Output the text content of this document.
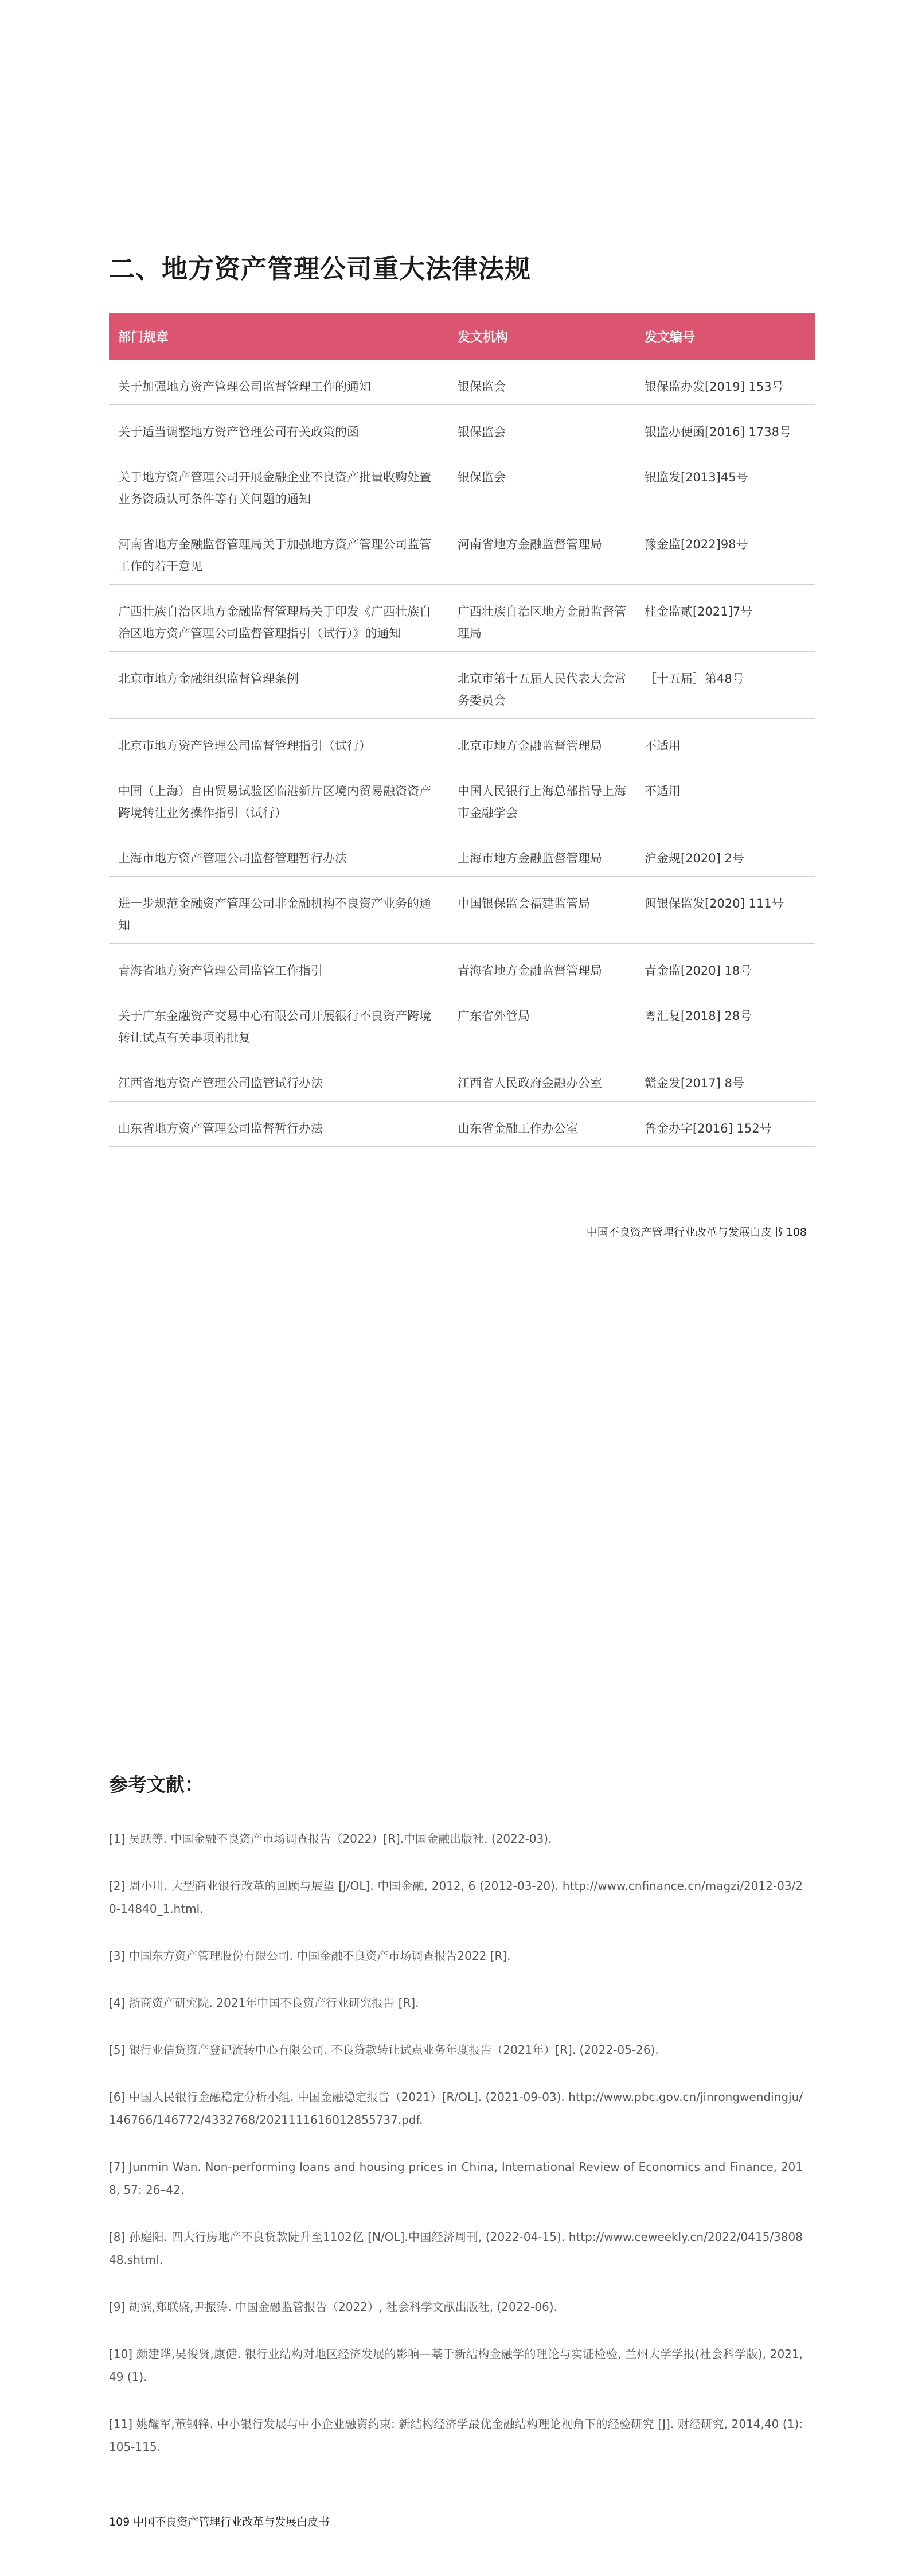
二、地方资产管理公司重大法律法规
部门规章	发文机构	发文编号
关于加强地方资产管理公司监督管理工作的通知	银保监会	银保监办发[2019] 153号
关于适当调整地方资产管理公司有关政策的函	银保监会	银监办便函[2016] 1738号
关于地方资产管理公司开展金融企业不良资产批量收购处置业务资质认可条件等有关问题的通知	银保监会	银监发[2013]45号
河南省地方金融监督管理局关于加强地方资产管理公司监管工作的若干意见	河南省地方金融监督管理局	豫金监[2022]98号
广西壮族自治区地方金融监督管理局关于印发《广西壮族自治区地方资产管理公司监督管理指引（试行）》的通知	广西壮族自治区地方金融监督管理局	桂金监贰[2021]7号
北京市地方金融组织监督管理条例	北京市第十五届人民代表大会常务委员会	［十五届］第48号
北京市地方资产管理公司监督管理指引（试行）	北京市地方金融监督管理局	不适用
中国（上海）自由贸易试验区临港新片区境内贸易融资资产跨境转让业务操作指引（试行）	中国人民银行上海总部指导上海市金融学会	不适用
上海市地方资产管理公司监督管理暂行办法	上海市地方金融监督管理局	沪金规[2020] 2号
进一步规范金融资产管理公司非金融机构不良资产业务的通知	中国银保监会福建监管局	闽银保监发[2020] 111号
青海省地方资产管理公司监管工作指引	青海省地方金融监督管理局	青金监[2020] 18号
关于广东金融资产交易中心有限公司开展银行不良资产跨境转让试点有关事项的批复	广东省外管局	粤汇复[2018] 28号
江西省地方资产管理公司监管试行办法	江西省人民政府金融办公室	赣金发[2017] 8号
山东省地方资产管理公司监督暂行办法	山东省金融工作办公室	鲁金办字[2016] 152号
中国不良资产管理行业改革与发展白皮书 108
参考文献：
[1] 吴跃等. 中国金融不良资产市场调查报告（2022）[R].中国金融出版社. (2022-03).
[2] 周小川. 大型商业银行改革的回顾与展望 [J/OL]. 中国金融, 2012, 6 (2012-03-20). http://www.cnfinance.cn/magzi/2012-03/20-14840_1.html.
[3] 中国东方资产管理股份有限公司. 中国金融不良资产市场调查报告2022 [R].
[4] 浙商资产研究院. 2021年中国不良资产行业研究报告 [R].
[5] 银行业信贷资产登记流转中心有限公司. 不良贷款转让试点业务年度报告（2021年）[R]. (2022-05-26).
[6] 中国人民银行金融稳定分析小组. 中国金融稳定报告（2021）[R/OL]. (2021-09-03). http://www.pbc.gov.cn/jinrongwendingju/146766/146772/4332768/2021111616012855737.pdf.
[7] Junmin Wan. Non-performing loans and housing prices in China, International Review of Economics and Finance, 2018, 57: 26–42.
[8] 孙庭阳. 四大行房地产不良贷款陡升至1102亿 [N/OL].中国经济周刊, (2022-04-15). http://www.ceweekly.cn/2022/0415/380848.shtml.
[9] 胡滨,郑联盛,尹振涛. 中国金融监管报告（2022）, 社会科学文献出版社, (2022-06).
[10] 颜建晔,吴俊贤,康健. 银行业结构对地区经济发展的影响—基于新结构金融学的理论与实证检验, 兰州大学学报(社会科学版), 2021, 49 (1).
[11] 姚耀军,董钢锋. 中小银行发展与中小企业融资约束: 新结构经济学最优金融结构理论视角下的经验研究 [J]. 财经研究, 2014,40 (1): 105-115.
109 中国不良资产管理行业改革与发展白皮书
